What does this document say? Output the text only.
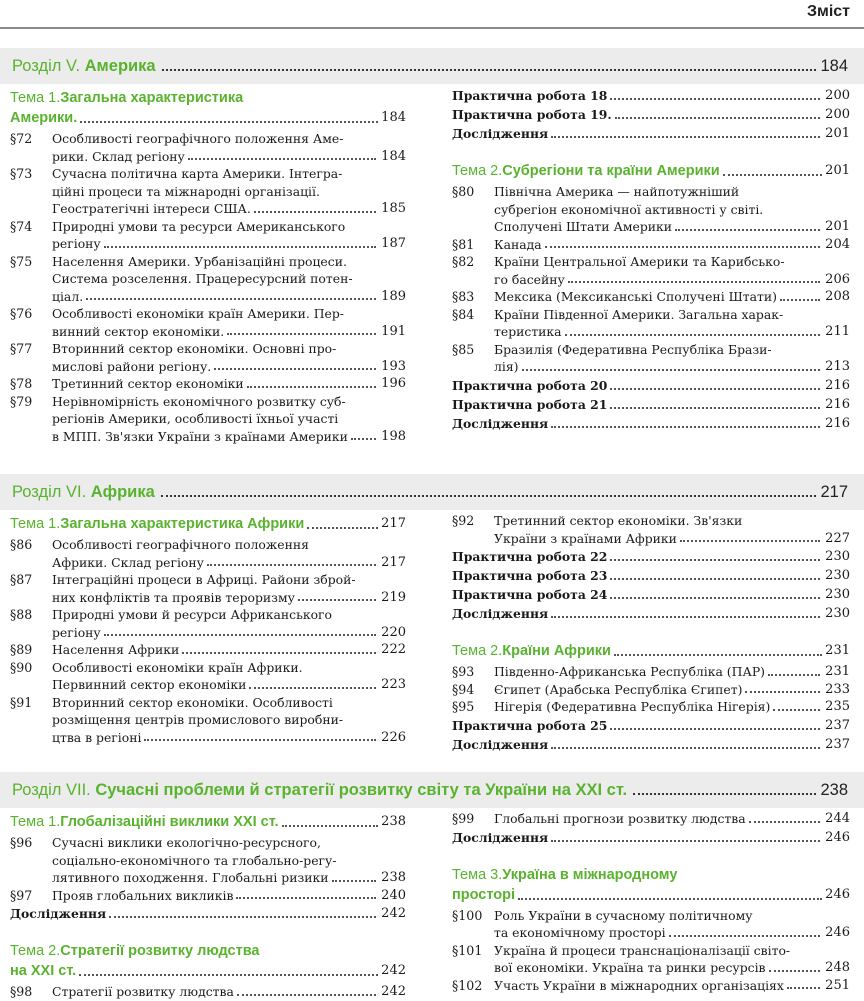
Зміст
Розділ V. Америка	184
Тема 1. Загальна характеристика
Америки.	184
§72	Особливості географічного положення Аме-
рики. Склад регіону	184
§73	Сучасна політична карта Америки. Інтегра-
ційні процеси та міжнародні організації.
Геостратегічні інтереси США.	185
§74	Природні умови та ресурси Американського
регіону	187
§75	Населення Америки. Урбанізаційні процеси.
Система розселення. Працересурсний потен-
ціал.	189
§76	Особливості економіки країн Америки. Пер-
винний сектор економіки.	191
§77	Вторинний сектор економіки. Основні про-
мислові райони регіону.	193
§78	Третинний сектор економіки	196
§79	Нерівномірність економічного розвитку суб-
регіонів Америки, особливості їхньої участі
в МПП. Зв'язки України з країнами Америки	198
Практична робота 18	200
Практична робота 19.	200
Дослідження	201
Тема 2. Субрегіони та країни Америки	201
§80	Північна Америка — найпотужніший
субрегіон економічної активності у світі.
Сполучені Штати Америки	201
§81	Канада	204
§82	Країни Центральної Америки та Карибсько-
го басейну	206
§83	Мексика (Мексиканські Сполучені Штати)	208
§84	Країни Південної Америки. Загальна харак-
теристика	211
§85	Бразилія (Федеративна Республіка Брази-
лія)	213
Практична робота 20	216
Практична робота 21	216
Дослідження	216
Розділ VI. Африка	217
Тема 1. Загальна характеристика Африки	217
§86	Особливості географічного положення
Африки. Склад регіону	217
§87	Інтеграційні процеси в Африці. Райони збрoй-
них конфліктів та проявів тероризму	219
§88	Природні умови й ресурси Африканського
регіону	220
§89	Населення Африки	222
§90	Особливості економіки країн Африки.
Первинний сектор економіки	223
§91	Вторинний сектор економіки. Особливості
розміщення центрів промислового виробни-
цтва в регіоні	226
§92	Третинний сектор економіки. Зв'язки
України з країнами Африки	227
Практична робота 22	230
Практична робота 23	230
Практична робота 24	230
Дослідження	230
Тема 2. Країни Африки	231
§93	Південно-Африканська Республіка (ПАР)	231
§94	Єгипет (Арабська Республіка Єгипет)	233
§95	Нігерія (Федеративна Республіка Нігерія)	235
Практична робота 25	237
Дослідження	237
Розділ VII. Сучасні проблеми й стратегії розвитку світу та України на XXI ст.	238
Тема 1. Глобалізаційні виклики XXI ст.	238
§96	Сучасні виклики екологічно-ресурсного,
соціально-економічного та глобально-регу-
лятивного походження. Глобальні ризики	238
§97	Прояв глобальних викликів	240
Дослідження	242
Тема 2. Стратегії розвитку людства
на XXI ст.	242
§98	Стратегії розвитку людства	242
§99	Глобальні прогнози розвитку людства	244
Дослідження	246
Тема 3. Україна в міжнародному
просторі	246
§100 Роль України в сучасному політичному
та економічному просторі	246
§101 Україна й процеси транснаціоналізації світо-
вої економіки. Україна та ринки ресурсів	248
§102 Участь України в міжнародних організаціях	251
